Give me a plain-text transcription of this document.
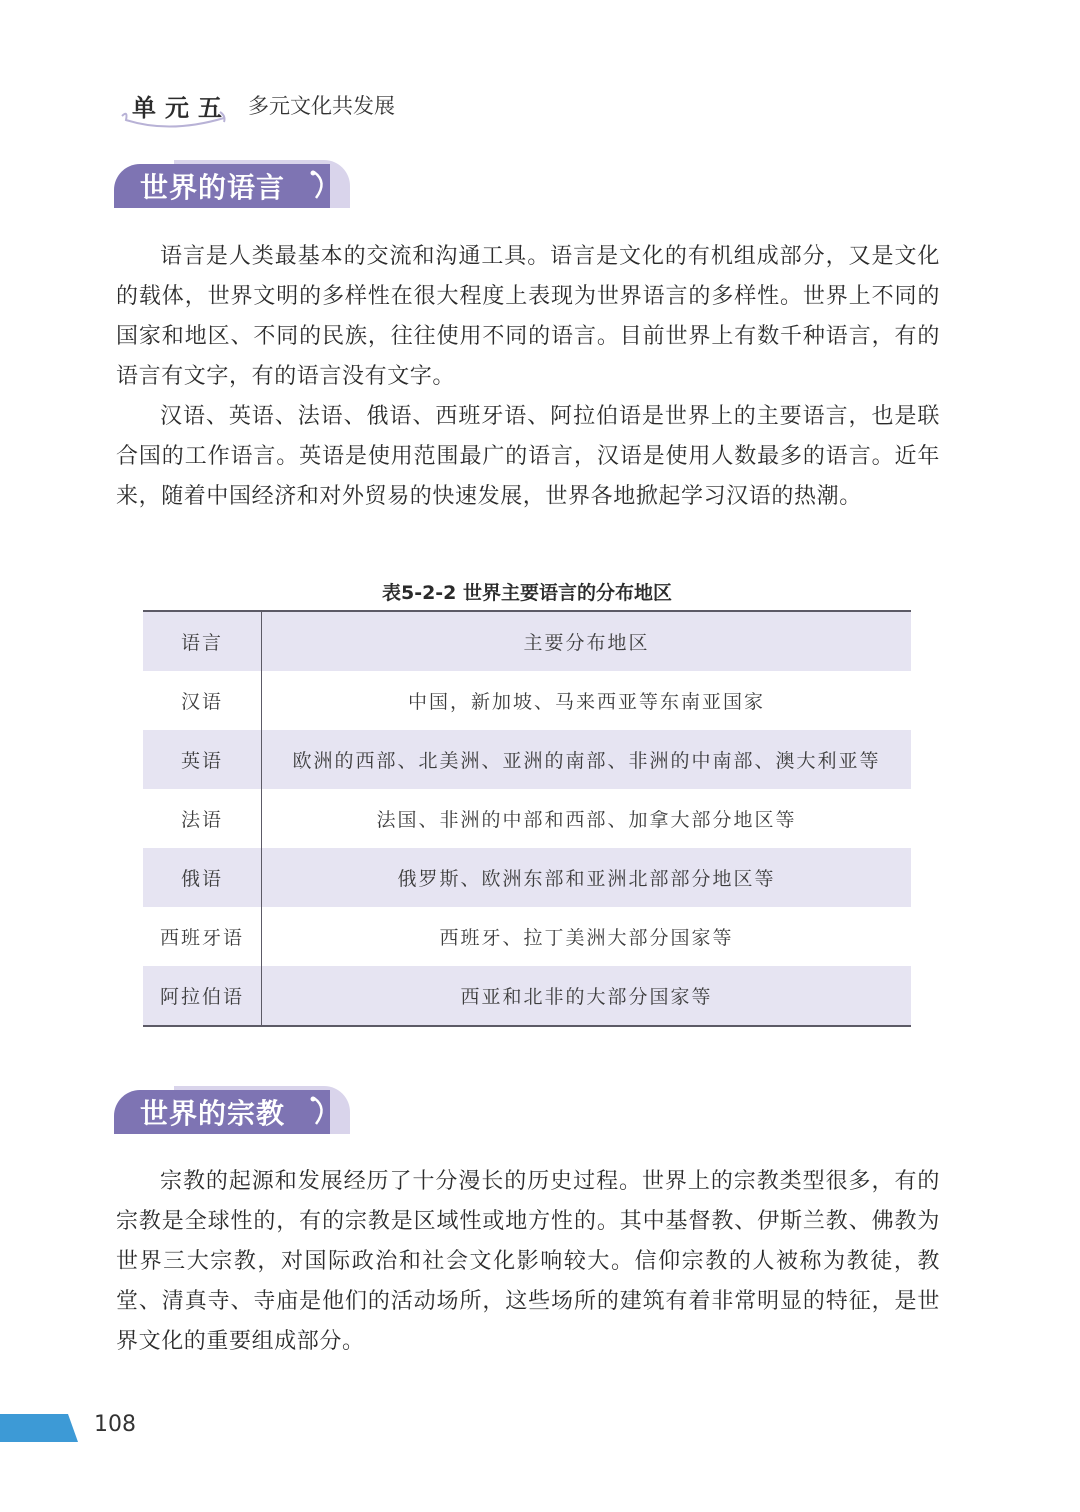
单元五 多元文化共发展
世界的语言

语言是人类最基本的交流和沟通工具。语言是文化的有机组成部分，又是文化的载体，世界文明的多样性在很大程度上表现为世界语言的多样性。世界上不同的国家和地区、不同的民族，往往使用不同的语言。目前世界上有数千种语言，有的语言有文字，有的语言没有文字。

汉语、英语、法语、俄语、西班牙语、阿拉伯语是世界上的主要语言，也是联合国的工作语言。英语是使用范围最广的语言，汉语是使用人数最多的语言。近年来，随着中国经济和对外贸易的快速发展，世界各地掀起学习汉语的热潮。

表5-2-2 世界主要语言的分布地区
语言	主要分布地区
汉语	中国，新加坡、马来西亚等东南亚国家
英语	欧洲的西部、北美洲、亚洲的南部、非洲的中南部、澳大利亚等
法语	法国、非洲的中部和西部、加拿大部分地区等
俄语	俄罗斯、欧洲东部和亚洲北部部分地区等
西班牙语	西班牙、拉丁美洲大部分国家等
阿拉伯语	西亚和北非的大部分国家等
世界的宗教

宗教的起源和发展经历了十分漫长的历史过程。世界上的宗教类型很多，有的宗教是全球性的，有的宗教是区域性或地方性的。其中基督教、伊斯兰教、佛教为世界三大宗教，对国际政治和社会文化影响较大。信仰宗教的人被称为教徒，教堂、清真寺、寺庙是他们的活动场所，这些场所的建筑有着非常明显的特征，是世界文化的重要组成部分。

108
